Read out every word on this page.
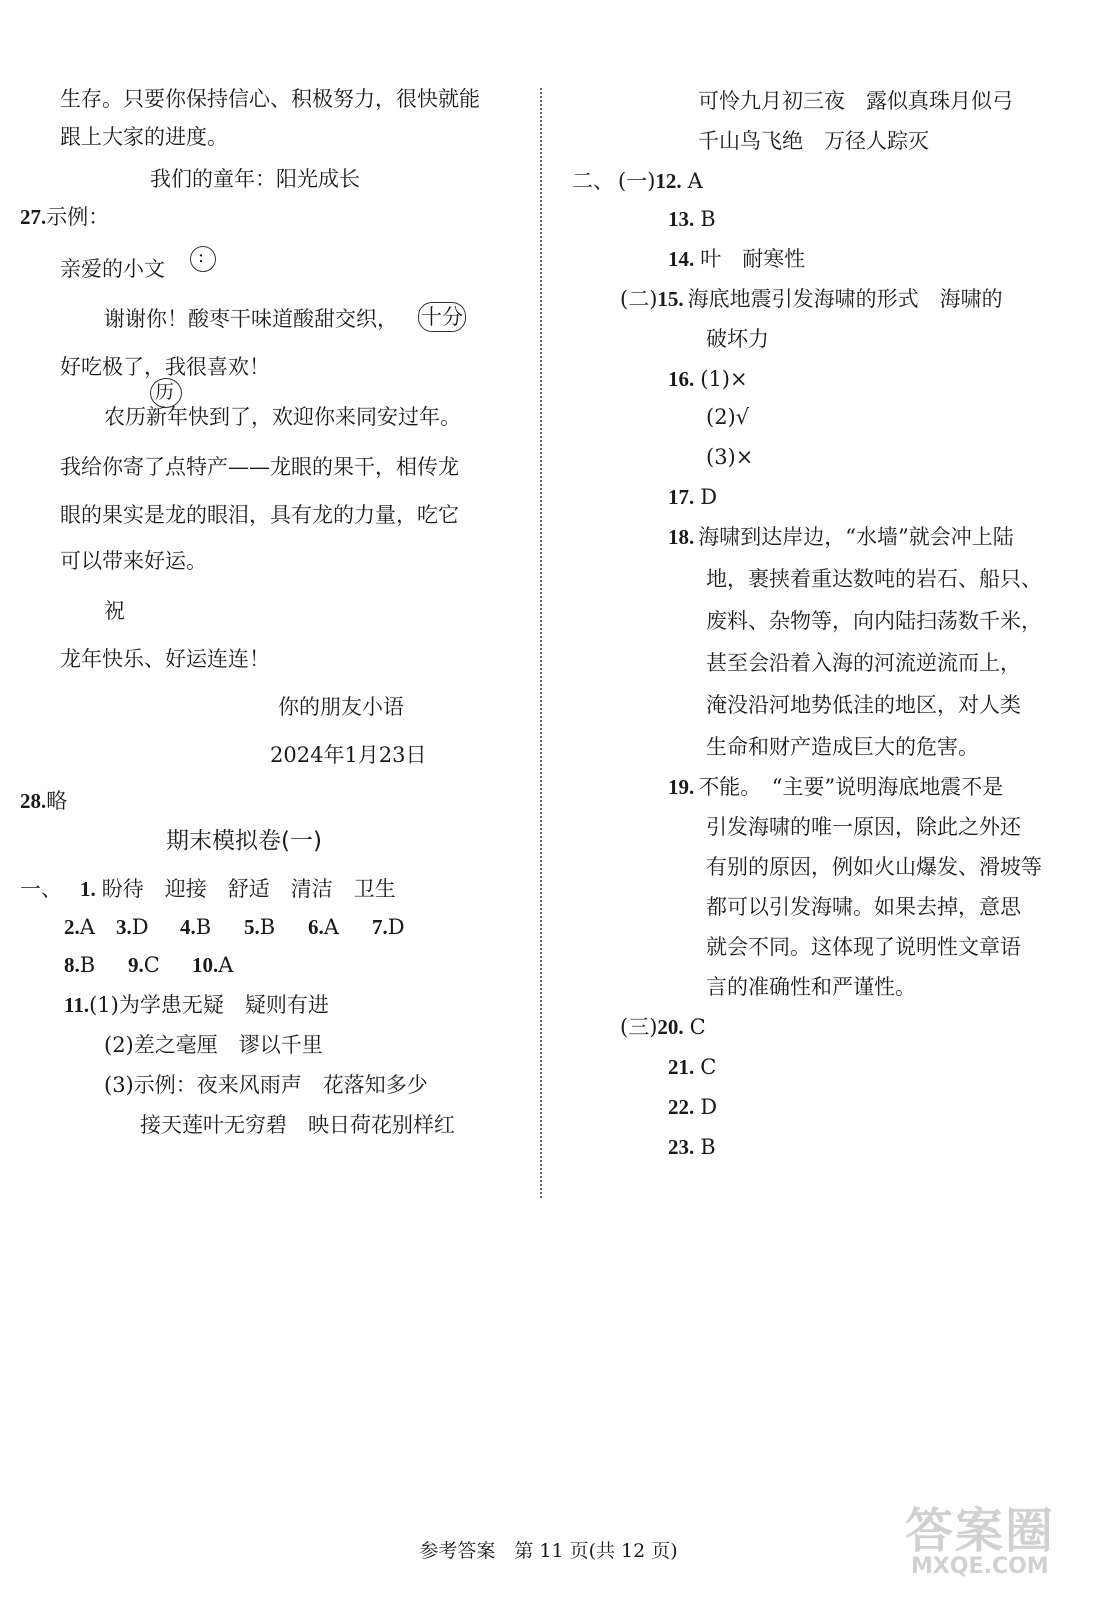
生存。只要你保持信心、积极努力，很快就能
跟上大家的进度。
我们的童年：阳光成长
27.示例：
亲爱的小文
:
谢谢你！酸枣干味道酸甜交织， 十分
好吃极了，我很喜欢！
历
农历新年快到了，欢迎你来同安过年。
我给你寄了点特产——龙眼的果干，相传龙
眼的果实是龙的眼泪，具有龙的力量，吃它
可以带来好运。
祝
龙年快乐、好运连连！
你的朋友小语
2024年1月23日
28.略
期末模拟卷(一)
一、 1. 盼待　迎接　舒适　清洁　卫生
2.A 3.D 4.B 5.B 6.A 7.D
8.B 9.C 10.A
11.(1)为学患无疑　疑则有进
(2)差之毫厘　谬以千里
(3)示例：夜来风雨声　花落知多少
接天莲叶无穷碧　映日荷花别样红
可怜九月初三夜　露似真珠月似弓
千山鸟飞绝　万径人踪灭
二、 (一)12. A
13. B
14. 叶　耐寒性
(二)15. 海底地震引发海啸的形式　海啸的
破坏力
16. (1)×
(2)√
(3)×
17. D
18. 海啸到达岸边，“水墙”就会冲上陆
地，裹挟着重达数吨的岩石、船只、
废料、杂物等，向内陆扫荡数千米，
甚至会沿着入海的河流逆流而上，
淹没沿河地势低洼的地区，对人类
生命和财产造成巨大的危害。
19. 不能。　“主要”说明海底地震不是
引发海啸的唯一原因，除此之外还
有别的原因，例如火山爆发、滑坡等
都可以引发海啸。如果去掉，意思
就会不同。这体现了说明性文章语
言的准确性和严谨性。
(三)20. C
21. C
22. D
23. B
参考答案　第 11 页(共 12 页)	答案圈
MXQE.COM
